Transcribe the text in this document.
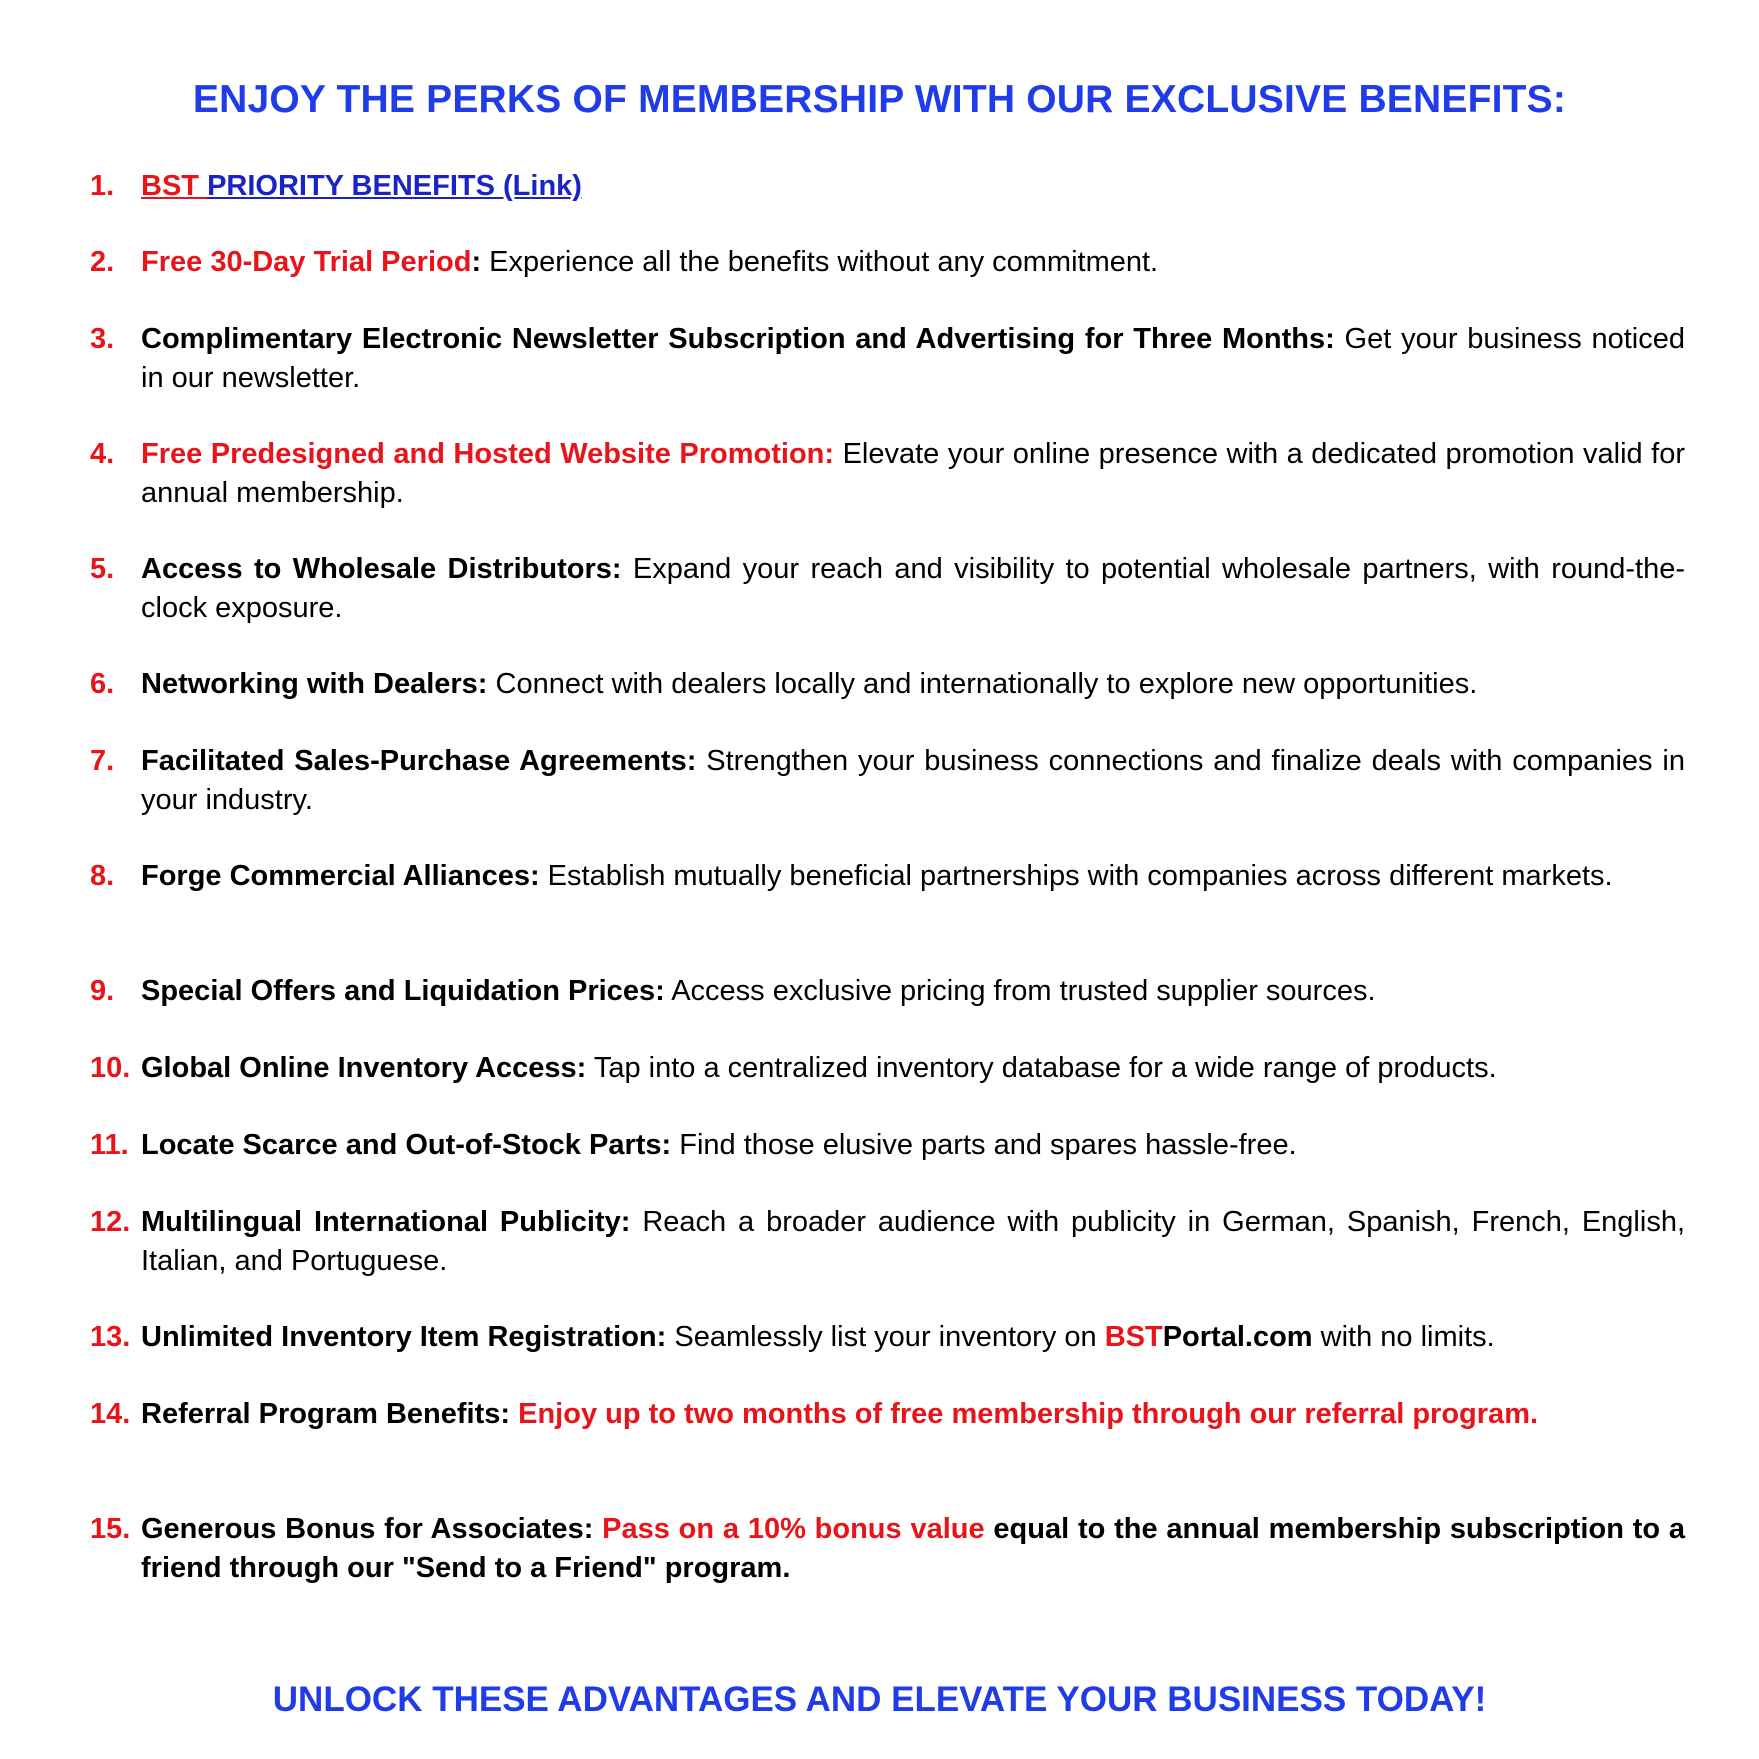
ENJOY THE PERKS OF MEMBERSHIP WITH OUR EXCLUSIVE BENEFITS:
1. BST PRIORITY BENEFITS (Link)
2. Free 30-Day Trial Period: Experience all the benefits without any commitment.
3. Complimentary Electronic Newsletter Subscription and Advertising for Three Months: Get your business noticed in our newsletter.
4. Free Predesigned and Hosted Website Promotion: Elevate your online presence with a dedicated promotion valid for annual membership.
5. Access to Wholesale Distributors: Expand your reach and visibility to potential wholesale partners, with round-the-clock exposure.
6. Networking with Dealers: Connect with dealers locally and internationally to explore new opportunities.
7. Facilitated Sales-Purchase Agreements: Strengthen your business connections and finalize deals with companies in your industry.
8. Forge Commercial Alliances: Establish mutually beneficial partnerships with companies across different markets.
9. Special Offers and Liquidation Prices: Access exclusive pricing from trusted supplier sources.
10. Global Online Inventory Access: Tap into a centralized inventory database for a wide range of products.
11. Locate Scarce and Out-of-Stock Parts: Find those elusive parts and spares hassle-free.
12. Multilingual International Publicity: Reach a broader audience with publicity in German, Spanish, French, English, Italian, and Portuguese.
13. Unlimited Inventory Item Registration: Seamlessly list your inventory on BSTPortal.com with no limits.
14. Referral Program Benefits: Enjoy up to two months of free membership through our referral program.
15. Generous Bonus for Associates: Pass on a 10% bonus value equal to the annual membership subscription to a friend through our "Send to a Friend" program.
UNLOCK THESE ADVANTAGES AND ELEVATE YOUR BUSINESS TODAY!
